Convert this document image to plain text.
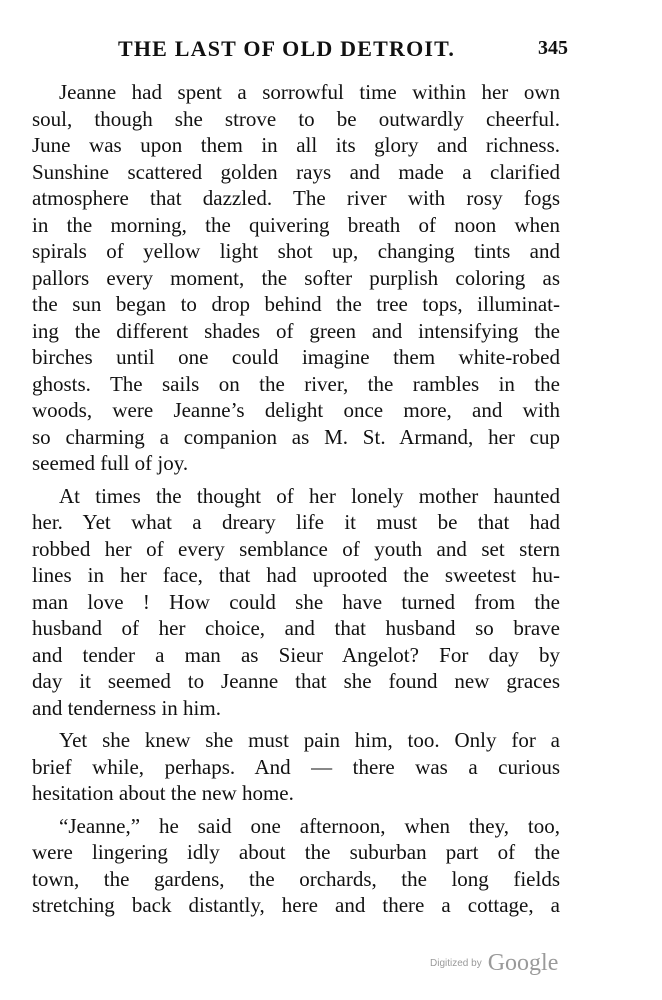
THE LAST OF OLD DETROIT.	345
Jeanne had spent a sorrowful time within her own
soul, though she strove to be outwardly cheerful.
June was upon them in all its glory and richness.
Sunshine scattered golden rays and made a clarified
atmosphere that dazzled. The river with rosy fogs
in the morning, the quivering breath of noon when
spirals of yellow light shot up, changing tints and
pallors every moment, the softer purplish coloring as
the sun began to drop behind the tree tops, illuminat-
ing the different shades of green and intensifying the
birches until one could imagine them white-robed
ghosts. The sails on the river, the rambles in the
woods, were Jeanne’s delight once more, and with
so charming a companion as M. St. Armand, her cup
seemed full of joy.
At times the thought of her lonely mother haunted
her. Yet what a dreary life it must be that had
robbed her of every semblance of youth and set stern
lines in her face, that had uprooted the sweetest hu-
man love ! How could she have turned from the
husband of her choice, and that husband so brave
and tender a man as Sieur Angelot? For day by
day it seemed to Jeanne that she found new graces
and tenderness in him.
Yet she knew she must pain him, too. Only for a
brief while, perhaps. And — there was a curious
hesitation about the new home.
“Jeanne,” he said one afternoon, when they, too,
were lingering idly about the suburban part of the
town, the gardens, the orchards, the long fields
stretching back distantly, here and there a cottage, a
Digitized by Google
